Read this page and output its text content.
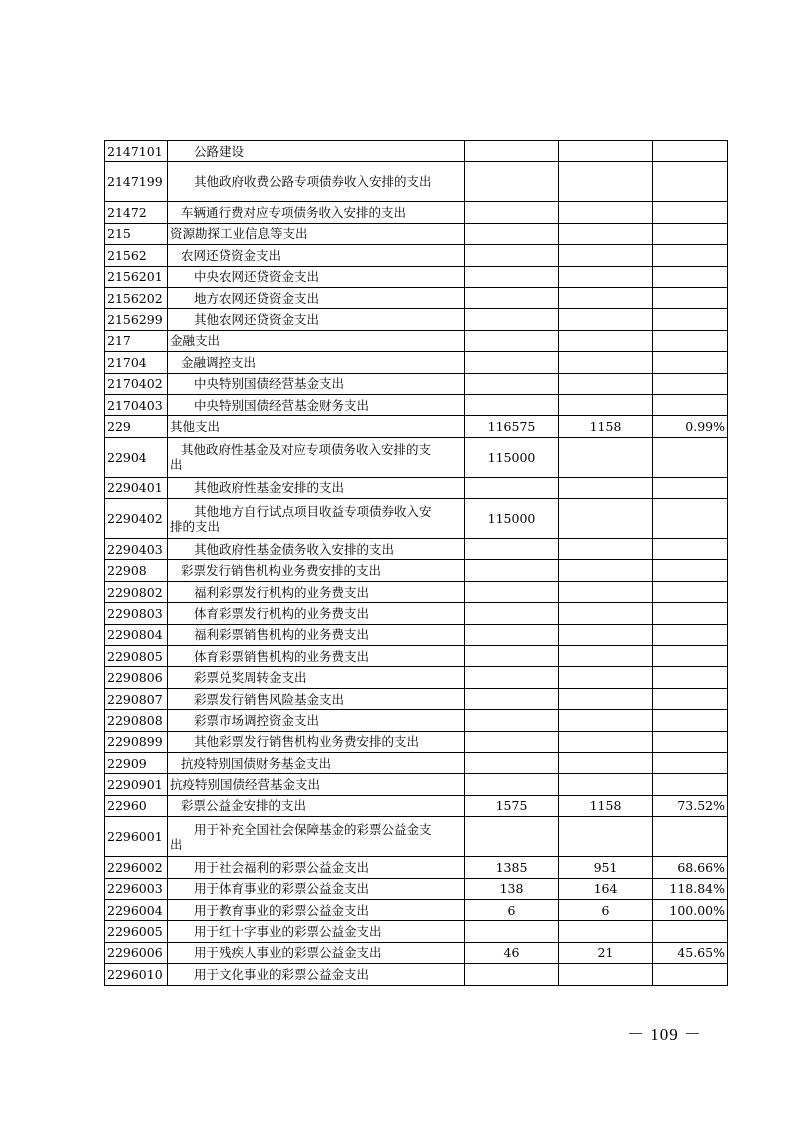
2147101	公路建设			
2147199	其他政府收费公路专项债券收入安排的支出			
21472	车辆通行费对应专项债务收入安排的支出			
215	资源勘探工业信息等支出			
21562	农网还贷资金支出			
2156201	中央农网还贷资金支出			
2156202	地方农网还贷资金支出			
2156299	其他农网还贷资金支出			
217	金融支出			
21704	金融调控支出			
2170402	中央特别国债经营基金支出			
2170403	中央特别国债经营基金财务支出			
229	其他支出	116575	1158	0.99%
22904	其他政府性基金及对应专项债务收入安排的支出	115000		
2290401	其他政府性基金安排的支出			
2290402	其他地方自行试点项目收益专项债券收入安排的支出	115000		
2290403	其他政府性基金债务收入安排的支出			
22908	彩票发行销售机构业务费安排的支出			
2290802	福利彩票发行机构的业务费支出			
2290803	体育彩票发行机构的业务费支出			
2290804	福利彩票销售机构的业务费支出			
2290805	体育彩票销售机构的业务费支出			
2290806	彩票兑奖周转金支出			
2290807	彩票发行销售风险基金支出			
2290808	彩票市场调控资金支出			
2290899	其他彩票发行销售机构业务费安排的支出			
22909	抗疫特别国债财务基金支出			
2290901	抗疫特别国债经营基金支出			
22960	彩票公益金安排的支出	1575	1158	73.52%
2296001	用于补充全国社会保障基金的彩票公益金支出			
2296002	用于社会福利的彩票公益金支出	1385	951	68.66%
2296003	用于体育事业的彩票公益金支出	138	164	118.84%
2296004	用于教育事业的彩票公益金支出	6	6	100.00%
2296005	用于红十字事业的彩票公益金支出			
2296006	用于残疾人事业的彩票公益金支出	46	21	45.65%
2296010	用于文化事业的彩票公益金支出			
－ 109 －
